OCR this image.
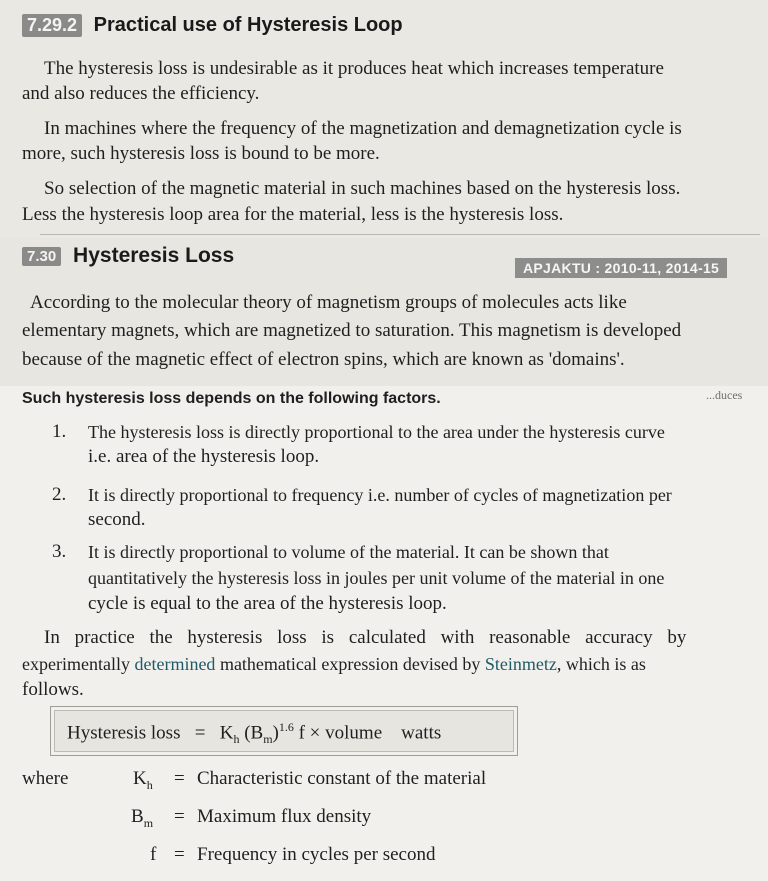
7.29.2 Practical use of Hysteresis Loop
The hysteresis loss is undesirable as it produces heat which increases temperature
and also reduces the efficiency.
In machines where the frequency of the magnetization and demagnetization cycle is
more, such hysteresis loss is bound to be more.
So selection of the magnetic material in such machines based on the hysteresis loss.
Less the hysteresis loop area for the material, less is the hysteresis loss.
7.30 Hysteresis Loss
APJAKTU : 2010-11, 2014-15
According to the molecular theory of magnetism groups of molecules acts like
elementary magnets, which are magnetized to saturation. This magnetism is developed
because of the magnetic effect of electron spins, which are known as 'domains'.
...duces
Such hysteresis loss depends on the following factors.
1. The hysteresis loss is directly proportional to the area under the hysteresis curve
i.e. area of the hysteresis loop.
2. It is directly proportional to frequency i.e. number of cycles of magnetization per
second.
3. It is directly proportional to volume of the material. It can be shown that
quantitatively the hysteresis loss in joules per unit volume of the material in one
cycle is equal to the area of the hysteresis loop.
In practice the hysteresis loss is calculated with reasonable accuracy by
experimentally determined mathematical expression devised by Steinmetz, which is as
follows.
Hysteresis loss = $K_h$ $(B_m)^{1.6}$ f × volume watts
where	$K_h$ = Characteristic constant of the material
$B_m$ = Maximum flux density
f = Frequency in cycles per second
